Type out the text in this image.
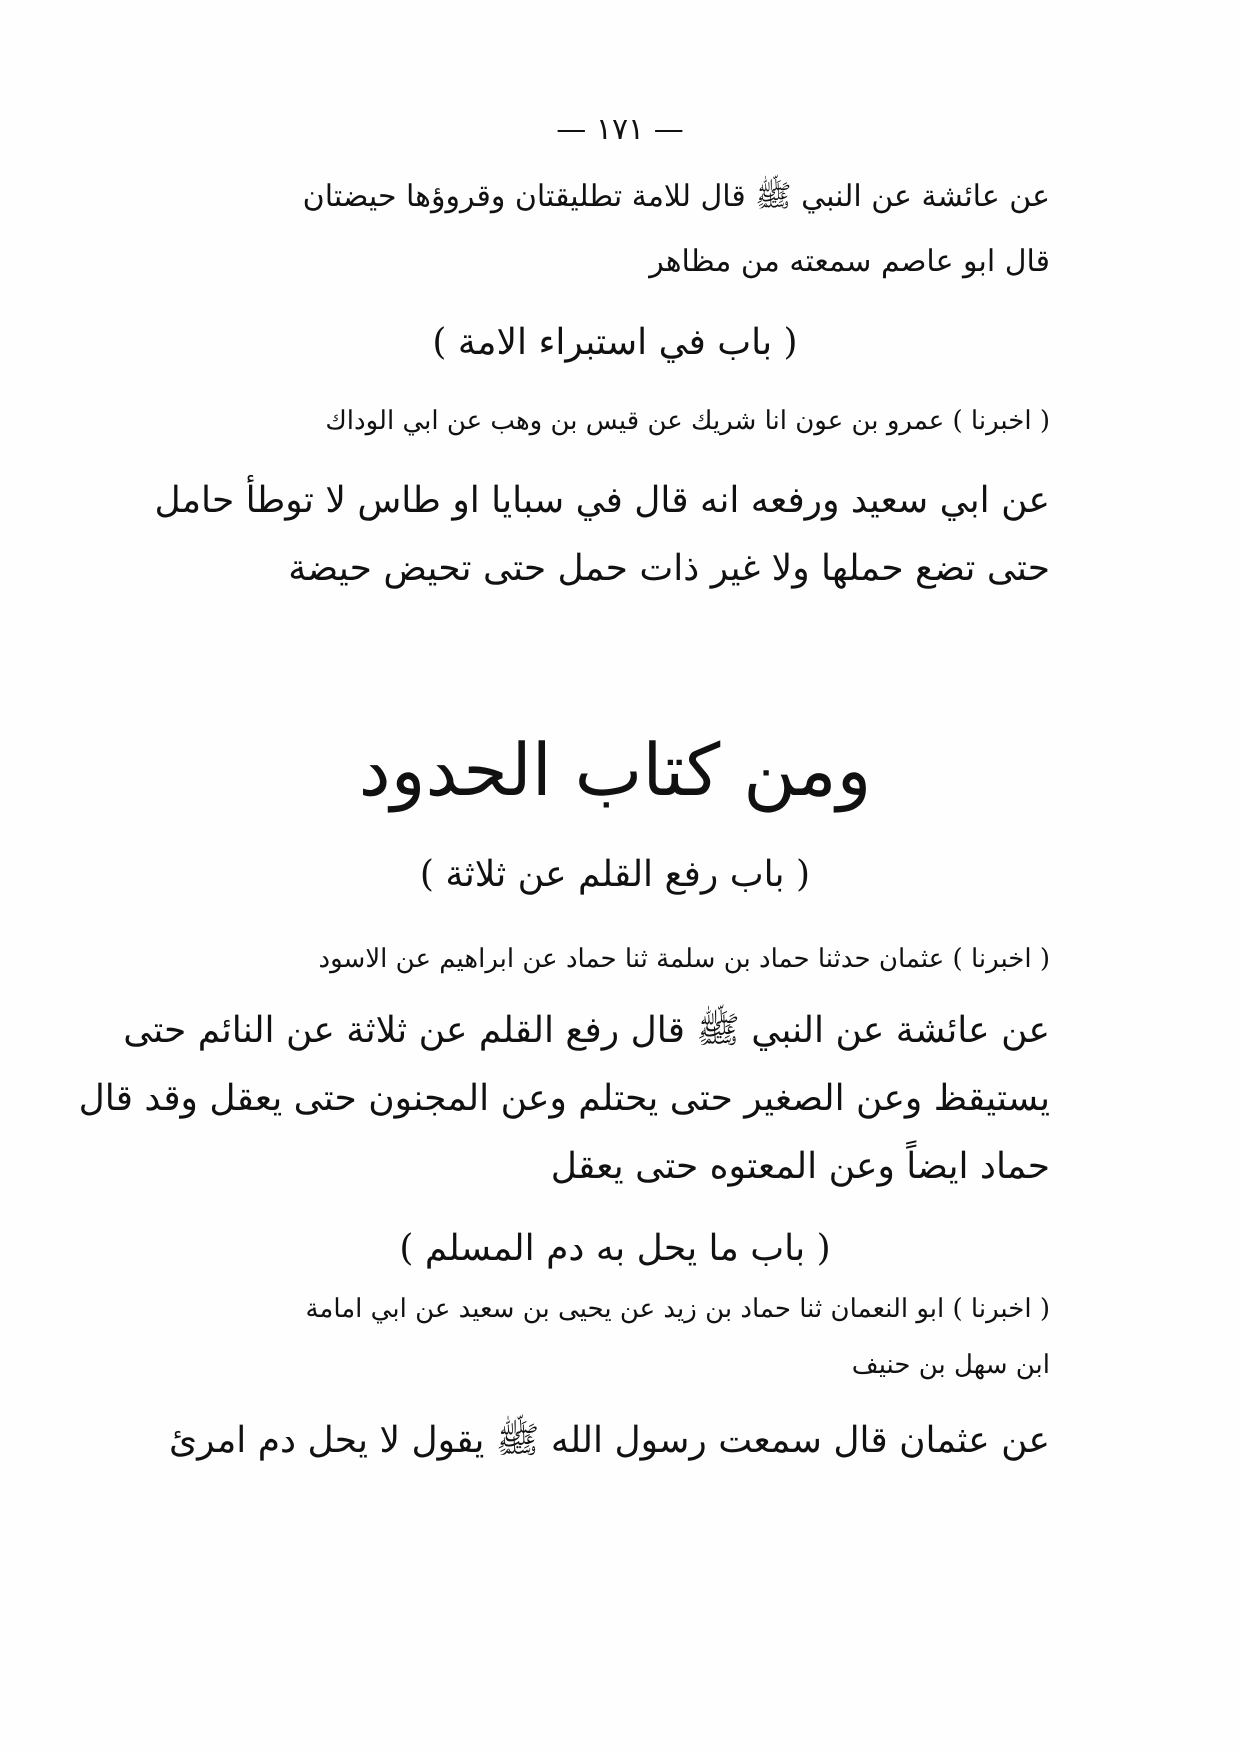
— ١٧١ —
عن عائشة عن النبي ﷺ قال للامة تطليقتان وقروؤها حيضتان
قال ابو عاصم سمعته من مظاهر
( باب في استبراء الامة )
( اخبرنا ) عمرو بن عون انا شريك عن قيس بن وهب عن ابي الوداك
عن ابي سعيد ورفعه انه قال في سبايا او طاس لا توطأ حامل
حتى تضع حملها ولا غير ذات حمل حتى تحيض حيضة
ومن كتاب الحدود
( باب رفع القلم عن ثلاثة )
( اخبرنا ) عثمان حدثنا حماد بن سلمة ثنا حماد عن ابراهيم عن الاسود
عن عائشة عن النبي ﷺ قال رفع القلم عن ثلاثة عن النائم حتى
يستيقظ وعن الصغير حتى يحتلم وعن المجنون حتى يعقل وقد قال
حماد ايضاً وعن المعتوه حتى يعقل
( باب ما يحل به دم المسلم )
( اخبرنا ) ابو النعمان ثنا حماد بن زيد عن يحيى بن سعيد عن ابي امامة
ابن سهل بن حنيف
عن عثمان قال سمعت رسول الله ﷺ يقول لا يحل دم امرئ
